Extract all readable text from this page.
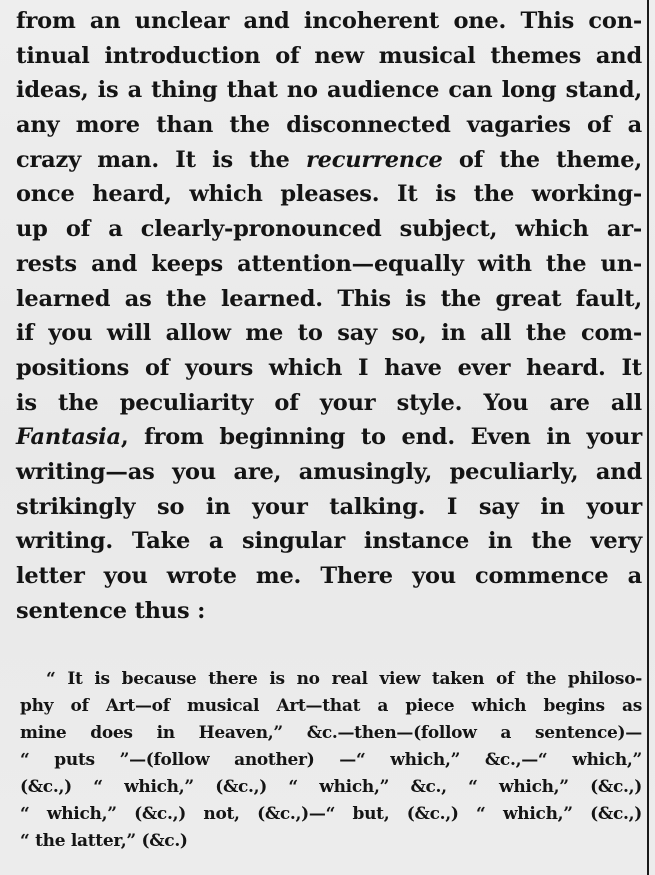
from an unclear and incoherent one. This con-
tinual introduction of new musical themes and
ideas, is a thing that no audience can long stand,
any more than the disconnected vagaries of a
crazy man. It is the recurrence of the theme,
once heard, which pleases. It is the working-
up of a clearly-pronounced subject, which ar-
rests and keeps attention—equally with the un-
learned as the learned. This is the great fault,
if you will allow me to say so, in all the com-
positions of yours which I have ever heard. It
is the peculiarity of your style. You are all
Fantasia, from beginning to end. Even in your
writing—as you are, amusingly, peculiarly, and
strikingly so in your talking. I say in your
writing. Take a singular instance in the very
letter you wrote me. There you commence a
sentence thus :
“ It is because there is no real view taken of the philoso-
phy of Art—of musical Art—that a piece which begins as
mine does in Heaven,” &c.—then—(follow a sentence)—
“ puts ”—(follow another) —“ which,” &c.,—“ which,”
(&c.,) “ which,” (&c.,) “ which,” &c., “ which,” (&c.,)
“ which,” (&c.,) not, (&c.,)—“ but, (&c.,) “ which,” (&c.,)
“ the latter,” (&c.)
